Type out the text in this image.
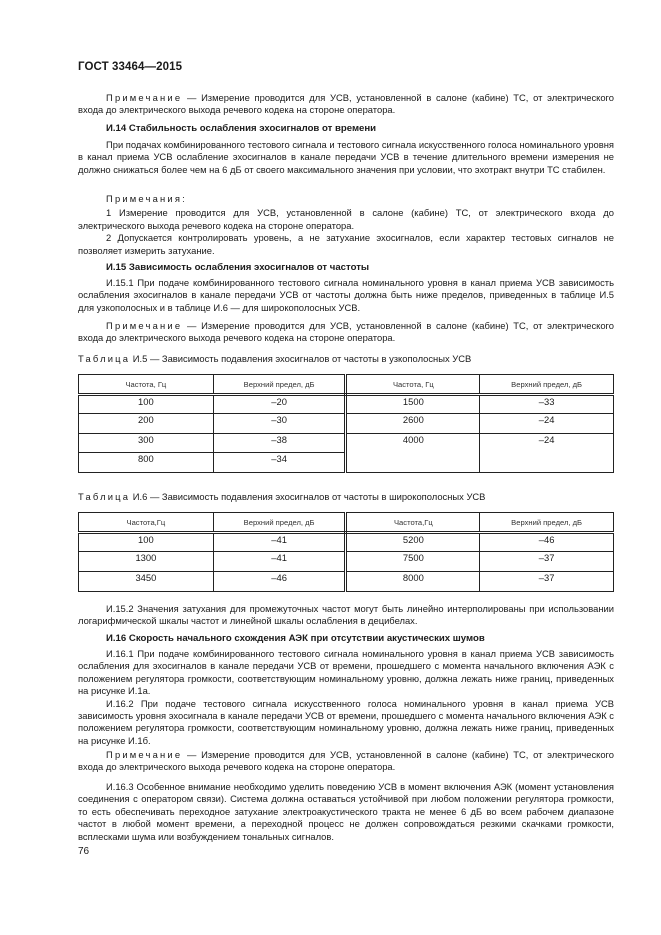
ГОСТ 33464—2015

Примечание — Измерение проводится для УСВ, установленной в салоне (кабине) ТС, от электрического входа до электрического выхода речевого кодека на стороне оператора.

И.14 Стабильность ослабления эхосигналов от времени

При подачах комбинированного тестового сигнала и тестового сигнала искусственного голоса номинального уровня в канал приема УСВ ослабление эхосигналов в канале передачи УСВ в течение длительного времени измерения не должно снижаться более чем на 6 дБ от своего максимального значения при условии, что эхотракт внутри ТС стабилен.

Примечания:

1 Измерение проводится для УСВ, установленной в салоне (кабине) ТС, от электрического входа до электрического выхода речевого кодека на стороне оператора.

2 Допускается контролировать уровень, а не затухание эхосигналов, если характер тестовых сигналов не позволяет измерить затухание.

И.15 Зависимость ослабления эхосигналов от частоты

И.15.1 При подаче комбинированного тестового сигнала номинального уровня в канал приема УСВ зависимость ослабления эхосигналов в канале передачи УСВ от частоты должна быть ниже пределов, приведенных в таблице И.5 для узкополосных и в таблице И.6 — для широкополосных УСВ.

Примечание — Измерение проводится для УСВ, установленной в салоне (кабине) ТС, от электрического входа до электрического выхода речевого кодека на стороне оператора.

Таблица И.5 — Зависимость подавления эхосигналов от частоты в узкополосных УСВ
Частота, Гц	Верхний предел, дБ	Частота, Гц	Верхний предел, дБ
100	–20	1500	–33
200	–30	2600	–24
300	–38	4000	–24
800	–34		
Таблица И.6 — Зависимость подавления эхосигналов от частоты в широкополосных УСВ
Частота,Гц	Верхний предел, дБ	Частота,Гц	Верхний предел, дБ
100	–41	5200	–46
1300	–41	7500	–37
3450	–46	8000	–37

И.15.2 Значения затухания для промежуточных частот могут быть линейно интерполированы при использовании логарифмической шкалы частот и линейной шкалы ослабления в децибелах.

И.16 Скорость начального схождения АЭК при отсутствии акустических шумов

И.16.1 При подаче комбинированного тестового сигнала номинального уровня в канал приема УСВ зависимость ослабления для эхосигналов в канале передачи УСВ от времени, прошедшего с момента начального включения АЭК с положением регулятора громкости, соответствующим номинальному уровню, должна лежать ниже границ, приведенных на рисунке И.1а.

И.16.2 При подаче тестового сигнала искусственного голоса номинального уровня в канал приема УСВ зависимость уровня эхосигнала в канале передачи УСВ от времени, прошедшего с момента начального включения АЭК с положением регулятора громкости, соответствующим номинальному уровню, должна лежать ниже границ, приведенных на рисунке И.1б.

Примечание — Измерение проводится для УСВ, установленной в салоне (кабине) ТС, от электрического входа до электрического выхода речевого кодека на стороне оператора.

И.16.3 Особенное внимание необходимо уделить поведению УСВ в момент включения АЭК (момент установления соединения с оператором связи). Система должна оставаться устойчивой при любом положении регулятора громкости, то есть обеспечивать переходное затухание электроакустического тракта не менее 6 дБ во всем рабочем диапазоне частот в любой момент времени, а переходной процесс не должен сопровождаться резкими скачками громкости, всплесками шума или возбуждением тональных сигналов.

76
